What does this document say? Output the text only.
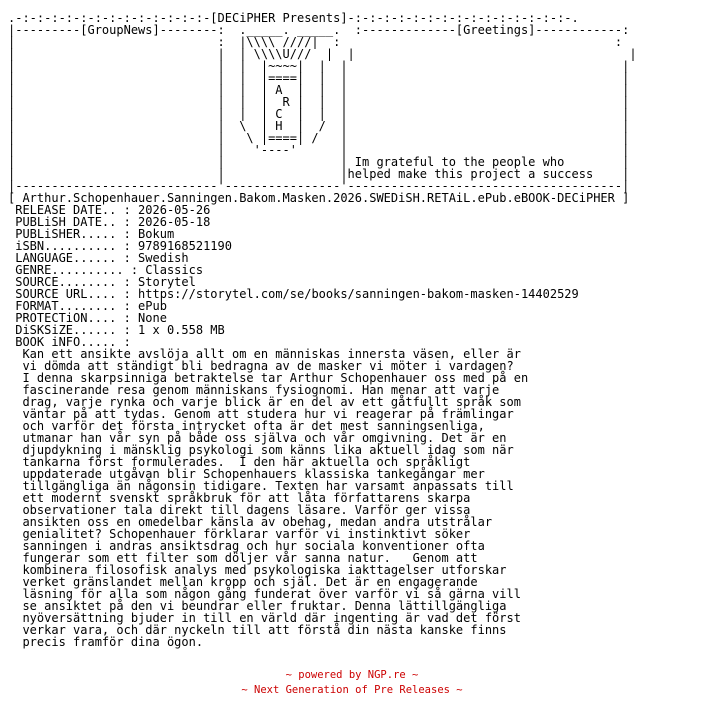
.-:-:-:-:-:-:-:-:-:-:-:-:-:-[DECiPHER Presents]-:-:-:-:-:-:-:-:-:-:-:-:-:-:-:-.
|---------[GroupNews]--------:  ._____. _____.  :-------------[Greetings]------------:
|                            :  |\\\\ ////|  :                                      :
|                            |  | \\\\U///  |  |                                      |
|                            |  |  |~~~~|  |  |                                      |
|                            |  |  |====|  |  |                                      |
|                            |  |  | A  |  |  |                                      |
|                            |  |  |  R |  |  |                                      |
|                            |  |  | C  |  |  |                                      |
|                            |  \  | H  |  /  |                                      |
|                            |   \ |====| /   |                                      |
|                            |    '----'      |                                      |
|                            |                | Im grateful to the people who        |
|                            |                |helped make this project a success    |
|----------------------------'----------------'--------------------------------------|
[ Arthur.Schopenhauer.Sanningen.Bakom.Masken.2026.SWEDiSH.RETAiL.ePub.eBOOK-DECiPHER ]
RELEASE DATE.. : 2026-05-26
PUBLiSH DATE.. : 2026-05-18
PUBLiSHER..... : Bokum
iSBN.......... : 9789168521190
LANGUAGE...... : Swedish
GENRE.......... : Classics
SOURCE........ : Storytel
SOURCE URL.... : https://storytel.com/se/books/sanningen-bakom-masken-14402529
FORMAT........ : ePub
PROTECTiON.... : None
DiSKSiZE...... : 1 x 0.558 MB
BOOK iNFO..... :
Kan ett ansikte avslöja allt om en människas innersta väsen, eller är
vi dömda att ständigt bli bedragna av de masker vi möter i vardagen?
I denna skarpsinniga betraktelse tar Arthur Schopenhauer oss med på en
fascinerande resa genom människans fysiognomi. Han menar att varje
drag, varje rynka och varje blick är en del av ett gåtfullt språk som
väntar på att tydas. Genom att studera hur vi reagerar på främlingar
och varför det första intrycket ofta är det mest sanningsenliga,
utmanar han vår syn på både oss själva och vår omgivning. Det är en
djupdykning i mänsklig psykologi som känns lika aktuell idag som när
tankarna först formulerades.  I den här aktuella och språkligt
uppdaterade utgåvan blir Schopenhauers klassiska tankegångar mer
tillgängliga än någonsin tidigare. Texten har varsamt anpassats till
ett modernt svenskt språkbruk för att låta författarens skarpa
observationer tala direkt till dagens läsare. Varför ger vissa
ansikten oss en omedelbar känsla av obehag, medan andra utstrålar
genialitet? Schopenhauer förklarar varför vi instinktivt söker
sanningen i andras ansiktsdrag och hur sociala konventioner ofta
fungerar som ett filter som döljer vår sanna natur.   Genom att
kombinera filosofisk analys med psykologiska iakttagelser utforskar
verket gränslandet mellan kropp och själ. Det är en engagerande
läsning för alla som någon gång funderat över varför vi så gärna vill
se ansiktet på den vi beundrar eller fruktar. Denna lättillgängliga
nyöversättning bjuder in till en värld där ingenting är vad det först
verkar vara, och där nyckeln till att förstå din nästa kanske finns
precis framför dina ögon.

~ powered by NGP.re ~
~ Next Generation of Pre Releases ~
